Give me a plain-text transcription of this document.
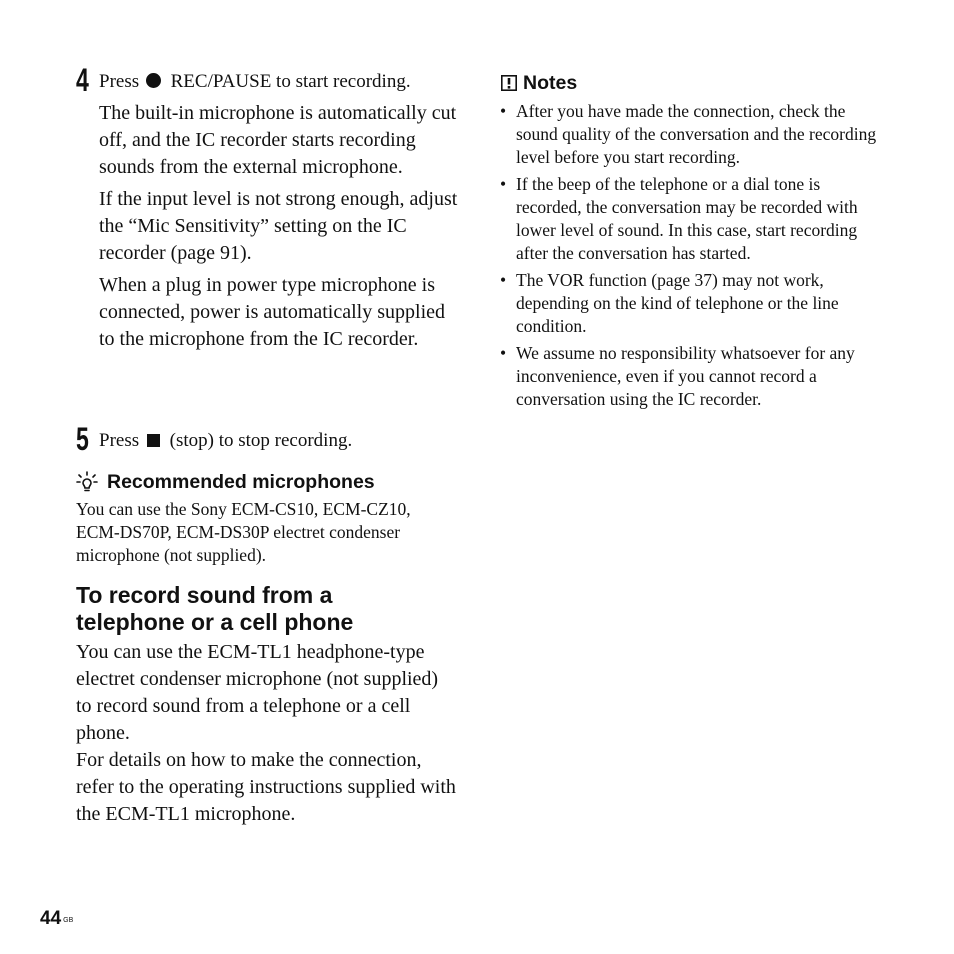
4 Press REC/PAUSE to start recording.

The built-in microphone is automatically cut off, and the IC recorder starts recording sounds from the external microphone.

If the input level is not strong enough, adjust the “Mic Sensitivity” setting on the IC recorder (page 91).

When a plug in power type microphone is connected, power is automatically supplied to the microphone from the IC recorder.

5 Press (stop) to stop recording.
Recommended microphones

You can use the Sony ECM-CS10, ECM-CZ10, ECM-DS70P, ECM-DS30P electret condenser microphone (not supplied).

To record sound from a telephone or a cell phone

You can use the ECM-TL1 headphone-type electret condenser microphone (not supplied) to record sound from a telephone or a cell phone.

For details on how to make the connection, refer to the operating instructions supplied with the ECM-TL1 microphone.

Notes
• After you have made the connection, check the sound quality of the conversation and the recording level before you start recording.
• If the beep of the telephone or a dial tone is recorded, the conversation may be recorded with lower level of sound. In this case, start recording after the conversation has started.
• The VOR function (page 37) may not work, depending on the kind of telephone or the line condition.
• We assume no responsibility whatsoever for any inconvenience, even if you cannot record a conversation using the IC recorder.
44 $^{GB}$
